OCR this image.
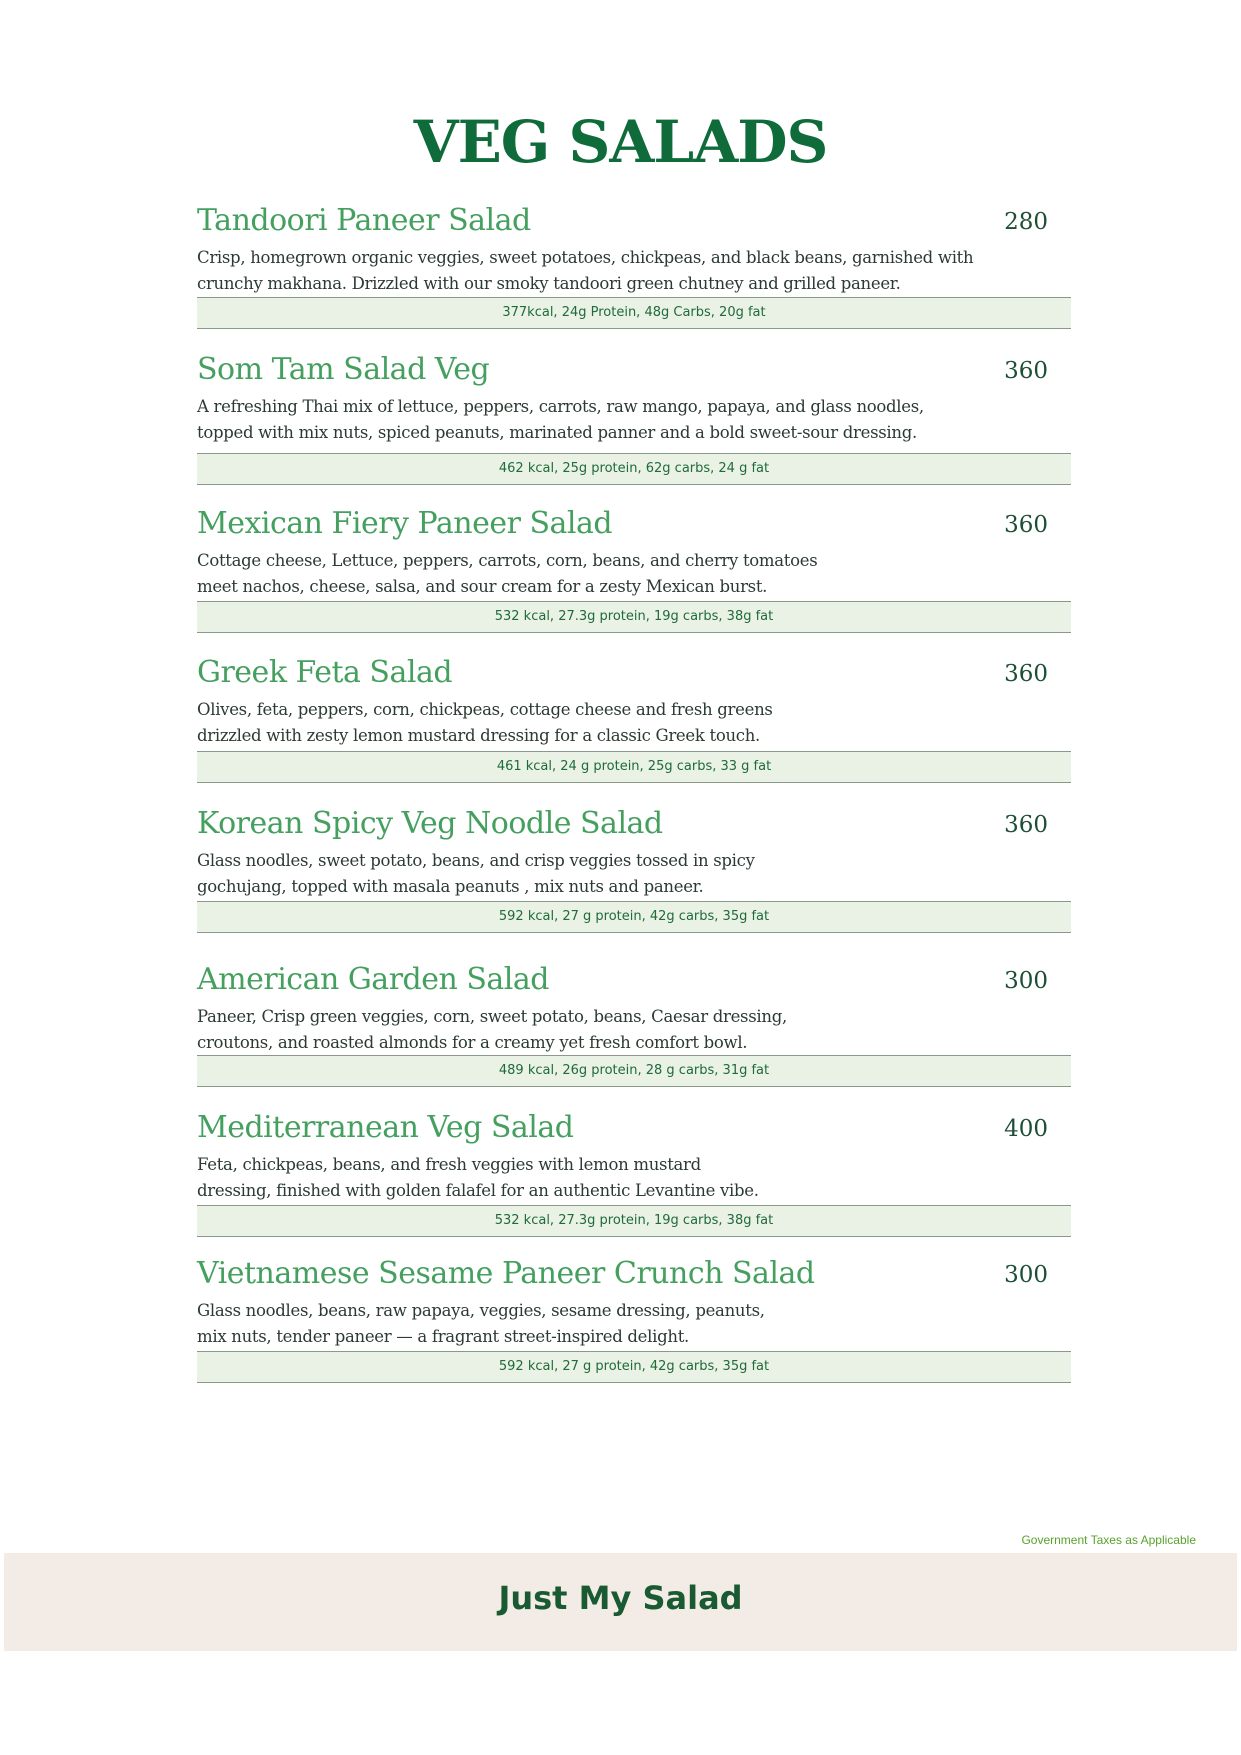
VEG SALADS
Tandoori Paneer Salad	280
Crisp, homegrown organic veggies, sweet potatoes, chickpeas, and black beans, garnished with
crunchy makhana. Drizzled with our smoky tandoori green chutney and grilled paneer.
377kcal, 24g Protein, 48g Carbs, 20g fat
Som Tam Salad Veg	360
A refreshing Thai mix of lettuce, peppers, carrots, raw mango, papaya, and glass noodles,
topped with mix nuts, spiced peanuts, marinated panner and a bold sweet-sour dressing.
462 kcal, 25g protein, 62g carbs, 24 g fat
Mexican Fiery Paneer Salad	360
Cottage cheese, Lettuce, peppers, carrots, corn, beans, and cherry tomatoes
meet nachos, cheese, salsa, and sour cream for a zesty Mexican burst.
532 kcal, 27.3g protein, 19g carbs, 38g fat
Greek Feta Salad	360
Olives, feta, peppers, corn, chickpeas, cottage cheese and fresh greens
drizzled with zesty lemon mustard dressing for a classic Greek touch.
461 kcal, 24 g protein, 25g carbs, 33 g fat
Korean Spicy Veg Noodle Salad	360
Glass noodles, sweet potato, beans, and crisp veggies tossed in spicy
gochujang, topped with masala peanuts , mix nuts and paneer.
592 kcal, 27 g protein, 42g carbs, 35g fat
American Garden Salad	300
Paneer, Crisp green veggies, corn, sweet potato, beans, Caesar dressing,
croutons, and roasted almonds for a creamy yet fresh comfort bowl.
489 kcal, 26g protein, 28 g carbs, 31g fat
Mediterranean Veg Salad	400
Feta, chickpeas, beans, and fresh veggies with lemon mustard
dressing, finished with golden falafel for an authentic Levantine vibe.
532 kcal, 27.3g protein, 19g carbs, 38g fat
Vietnamese Sesame Paneer Crunch Salad	300
Glass noodles, beans, raw papaya, veggies, sesame dressing, peanuts,
mix nuts, tender paneer — a fragrant street-inspired delight.
592 kcal, 27 g protein, 42g carbs, 35g fat
Government Taxes as Applicable
Just My Salad
